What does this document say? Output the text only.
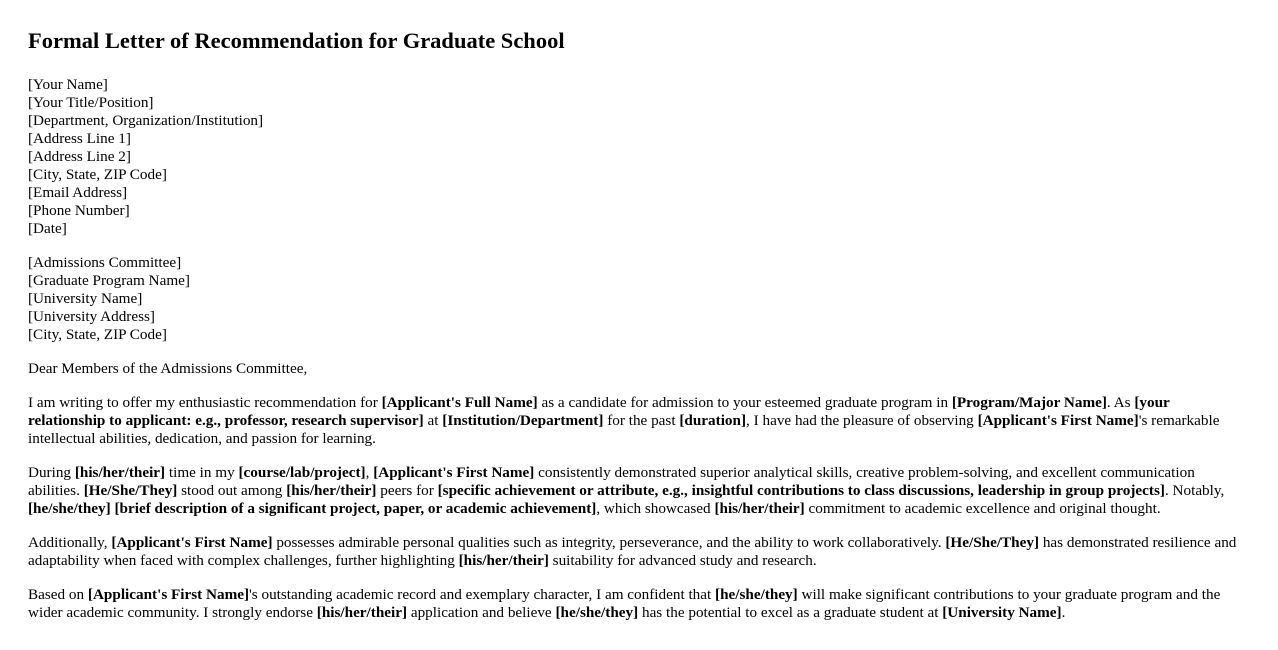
Formal Letter of Recommendation for Graduate School
[Your Name]
[Your Title/Position]
[Department, Organization/Institution]
[Address Line 1]
[Address Line 2]
[City, State, ZIP Code]
[Email Address]
[Phone Number]
[Date]
[Admissions Committee]
[Graduate Program Name]
[University Name]
[University Address]
[City, State, ZIP Code]

Dear Members of the Admissions Committee,

I am writing to offer my enthusiastic recommendation for [Applicant's Full Name] as a candidate for admission to your esteemed graduate program in [Program/Major Name]. As [your relationship to applicant: e.g., professor, research supervisor] at [Institution/Department] for the past [duration], I have had the pleasure of observing [Applicant's First Name]'s remarkable intellectual abilities, dedication, and passion for learning.

During [his/her/their] time in my [course/lab/project], [Applicant's First Name] consistently demonstrated superior analytical skills, creative problem-solving, and excellent communication abilities. [He/She/They] stood out among [his/her/their] peers for [specific achievement or attribute, e.g., insightful contributions to class discussions, leadership in group projects]. Notably, [he/she/they] [brief description of a significant project, paper, or academic achievement], which showcased [his/her/their] commitment to academic excellence and original thought.

Additionally, [Applicant's First Name] possesses admirable personal qualities such as integrity, perseverance, and the ability to work collaboratively. [He/She/They] has demonstrated resilience and adaptability when faced with complex challenges, further highlighting [his/her/their] suitability for advanced study and research.

Based on [Applicant's First Name]'s outstanding academic record and exemplary character, I am confident that [he/she/they] will make significant contributions to your graduate program and the wider academic community. I strongly endorse [his/her/their] application and believe [he/she/they] has the potential to excel as a graduate student at [University Name].
